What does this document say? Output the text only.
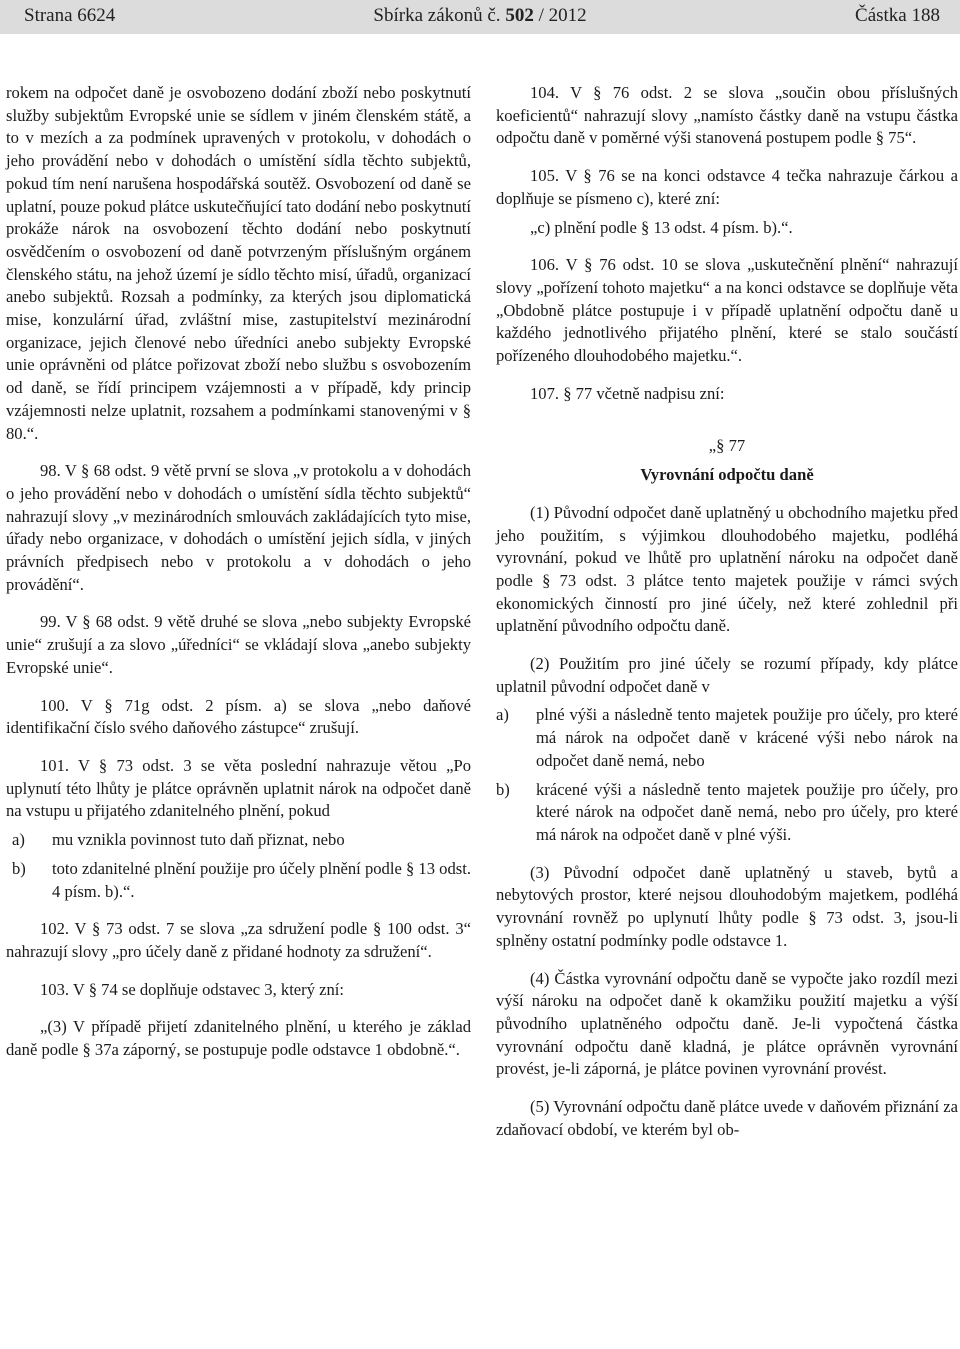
Strana 6624	Sbírka zákonů č. 502 / 2012	Částka 188

rokem na odpočet daně je osvobozeno dodání zboží nebo poskytnutí služby subjektům Evropské unie se sídlem v jiném členském státě, a to v mezích a za podmínek upravených v protokolu, v dohodách o jeho provádění nebo v dohodách o umístění sídla těchto subjektů, pokud tím není narušena hospodářská soutěž. Osvobození od daně se uplatní, pouze pokud plátce uskutečňující tato dodání nebo poskytnutí prokáže nárok na osvobození těchto dodání nebo poskytnutí osvědčením o osvobození od daně potvrzeným příslušným orgánem členského státu, na jehož území je sídlo těchto misí, úřadů, organizací anebo subjektů. Rozsah a podmínky, za kterých jsou diplomatická mise, konzulární úřad, zvláštní mise, zastupitelství mezinárodní organizace, jejich členové nebo úředníci anebo subjekty Evropské unie oprávněni od plátce pořizovat zboží nebo službu s osvobozením od daně, se řídí principem vzájemnosti a v případě, kdy princip vzájemnosti nelze uplatnit, rozsahem a podmínkami stanovenými v § 80.“.

98. V § 68 odst. 9 větě první se slova „v protokolu a v dohodách o jeho provádění nebo v dohodách o umístění sídla těchto subjektů“ nahrazují slovy „v mezinárodních smlouvách zakládajících tyto mise, úřady nebo organizace, v dohodách o umístění jejich sídla, v jiných právních předpisech nebo v protokolu a v dohodách o jeho provádění“.

99. V § 68 odst. 9 větě druhé se slova „nebo subjekty Evropské unie“ zrušují a za slovo „úředníci“ se vkládají slova „anebo subjekty Evropské unie“.

100. V § 71g odst. 2 písm. a) se slova „nebo daňové identifikační číslo svého daňového zástupce“ zrušují.

101. V § 73 odst. 3 se věta poslední nahrazuje větou „Po uplynutí této lhůty je plátce oprávněn uplatnit nárok na odpočet daně na vstupu u přijatého zdanitelného plnění, pokud

a)	mu vznikla povinnost tuto daň přiznat, nebo
b)	toto zdanitelné plnění použije pro účely plnění podle § 13 odst. 4 písm. b).“.

102. V § 73 odst. 7 se slova „za sdružení podle § 100 odst. 3“ nahrazují slovy „pro účely daně z přidané hodnoty za sdružení“.

103. V § 74 se doplňuje odstavec 3, který zní:

„(3) V případě přijetí zdanitelného plnění, u kterého je základ daně podle § 37a záporný, se postupuje podle odstavce 1 obdobně.“.

104. V § 76 odst. 2 se slova „součin obou příslušných koeficientů“ nahrazují slovy „namísto částky daně na vstupu částka odpočtu daně v poměrné výši stanovená postupem podle § 75“.

105. V § 76 se na konci odstavce 4 tečka nahrazuje čárkou a doplňuje se písmeno c), které zní:

„c) plnění podle § 13 odst. 4 písm. b).“.

106. V § 76 odst. 10 se slova „uskutečnění plnění“ nahrazují slovy „pořízení tohoto majetku“ a na konci odstavce se doplňuje věta „Obdobně plátce postupuje i v případě uplatnění odpočtu daně u každého jednotlivého přijatého plnění, které se stalo součástí pořízeného dlouhodobého majetku.“.

107. § 77 včetně nadpisu zní:

„§ 77

Vyrovnání odpočtu daně

(1) Původní odpočet daně uplatněný u obchodního majetku před jeho použitím, s výjimkou dlouhodobého majetku, podléhá vyrovnání, pokud ve lhůtě pro uplatnění nároku na odpočet daně podle § 73 odst. 3 plátce tento majetek použije v rámci svých ekonomických činností pro jiné účely, než které zohlednil při uplatnění původního odpočtu daně.

(2) Použitím pro jiné účely se rozumí případy, kdy plátce uplatnil původní odpočet daně v

a)	plné výši a následně tento majetek použije pro účely, pro které má nárok na odpočet daně v krácené výši nebo nárok na odpočet daně nemá, nebo
b)	krácené výši a následně tento majetek použije pro účely, pro které nárok na odpočet daně nemá, nebo pro účely, pro které má nárok na odpočet daně v plné výši.

(3) Původní odpočet daně uplatněný u staveb, bytů a nebytových prostor, které nejsou dlouhodobým majetkem, podléhá vyrovnání rovněž po uplynutí lhůty podle § 73 odst. 3, jsou-li splněny ostatní podmínky podle odstavce 1.

(4) Částka vyrovnání odpočtu daně se vypočte jako rozdíl mezi výší nároku na odpočet daně k okamžiku použití majetku a výší původního uplatněného odpočtu daně. Je-li vypočtená částka vyrovnání odpočtu daně kladná, je plátce oprávněn vyrovnání provést, je-li záporná, je plátce povinen vyrovnání provést.

(5) Vyrovnání odpočtu daně plátce uvede v daňovém přiznání za zdaňovací období, ve kterém byl ob-
